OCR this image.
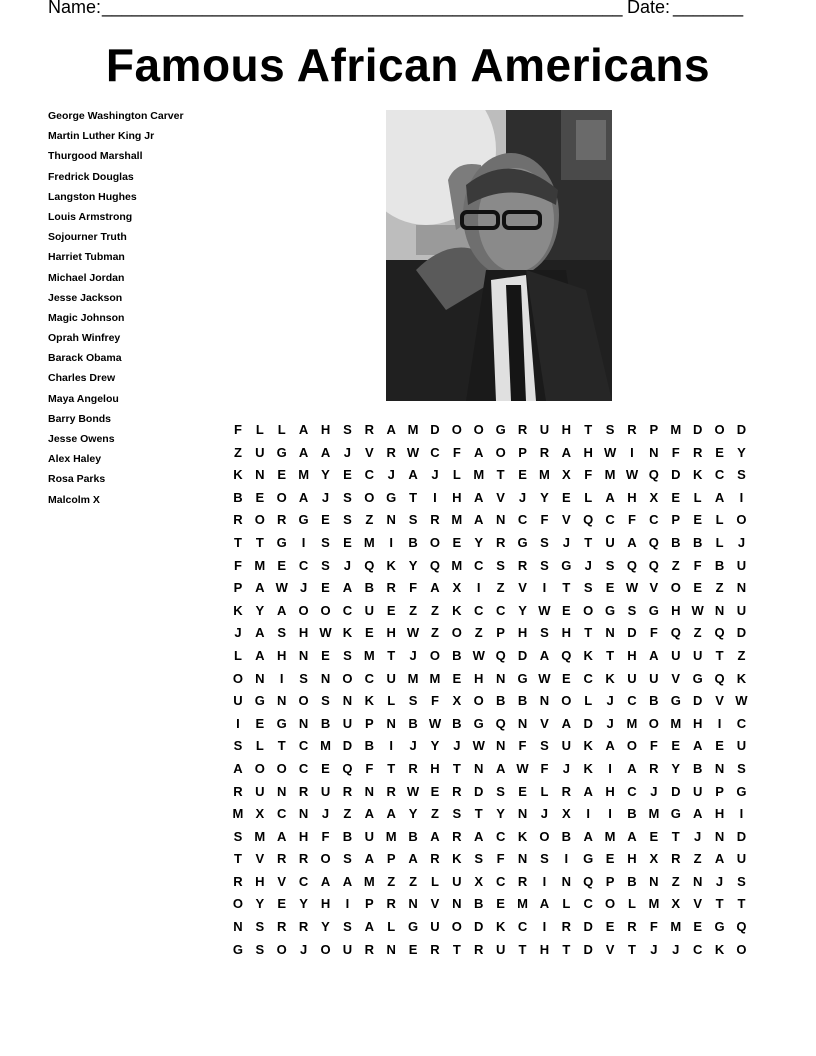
Name: ____________________________________________________ Date: _______
Famous African Americans
George Washington Carver
Martin Luther King Jr
Thurgood Marshall
Fredrick Douglas
Langston Hughes
Louis Armstrong
Sojourner Truth
Harriet Tubman
Michael Jordan
Jesse Jackson
Magic Johnson
Oprah Winfrey
Barack Obama
Charles Drew
Maya Angelou
Barry Bonds
Jesse Owens
Alex Haley
Rosa Parks
Malcolm X
F	L	L	A H S R A M D O O G R U H	T	S R P M D O D
Z	U G A A	J	V R W C	F	A O P R A H W	I	N	F	R E	Y
K N E M Y	E C	J	A	J	L M T	E M X	F M W Q D K C S
B E O A	J	S O G T	I	H A V	J	Y	E	L	A H X	E	L	A	I
R O R G E	S	Z	N S R M A N C	F	V Q C	F	C P	E	L O
T	T G	I	S	E M	I	B O E	Y R G S	J	T	U A Q B B	L	J
F M E C S	J	Q K Y Q M C S R S G	J	S Q Q Z	F	B U
P A W J	E A B R	F	A X	I	Z	V	I	T	S	E W V O E	Z	N
K Y A O O C U E	Z	Z	K C C Y W E O G S G H W N U
J	A S H W K E H W Z O Z	P H S H	T	N D	F Q Z Q D
L	A H N E	S M T	J	O B W Q D A Q K	T	H A U U	T	Z
O N	I	S N O C U M M E H N G W E C K U U V G Q K
U G N O S N K	L	S	F	X O B B N O L	J	C B G D V W
I	E G N B U P N B W B G Q N V A D	J M O M H	I	C
S	L	T	C M D B	I	J	Y	J W N	F	S U K A O F	E A E U
A O O C E Q F	T	R H	T	N A W F	J	K	I	A R Y B N S
R U N R U R N R W E R D S	E	L	R A H C	J	D U P G
M X C N	J	Z	A A Y	Z	S	T	Y N	J	X	I	I	B M G A H	I
S M A H	F	B U M B A R A C K O B A M A E	T	J	N D
T	V R R O S A P A R K S	F	N S	I	G E H X R	Z	A U
R H V C A A M Z	Z	L	U X C R	I	N Q P B N	Z	N	J	S
O Y	E	Y H	I	P R N V N B E M A	L	C O L M X	V	T	T
N S R R Y	S A	L G U O D K C	I	R D E R	F M E G Q
G S O	J	O U R N E R	T	R U	T	H	T	D V	T	J	J	C K O
